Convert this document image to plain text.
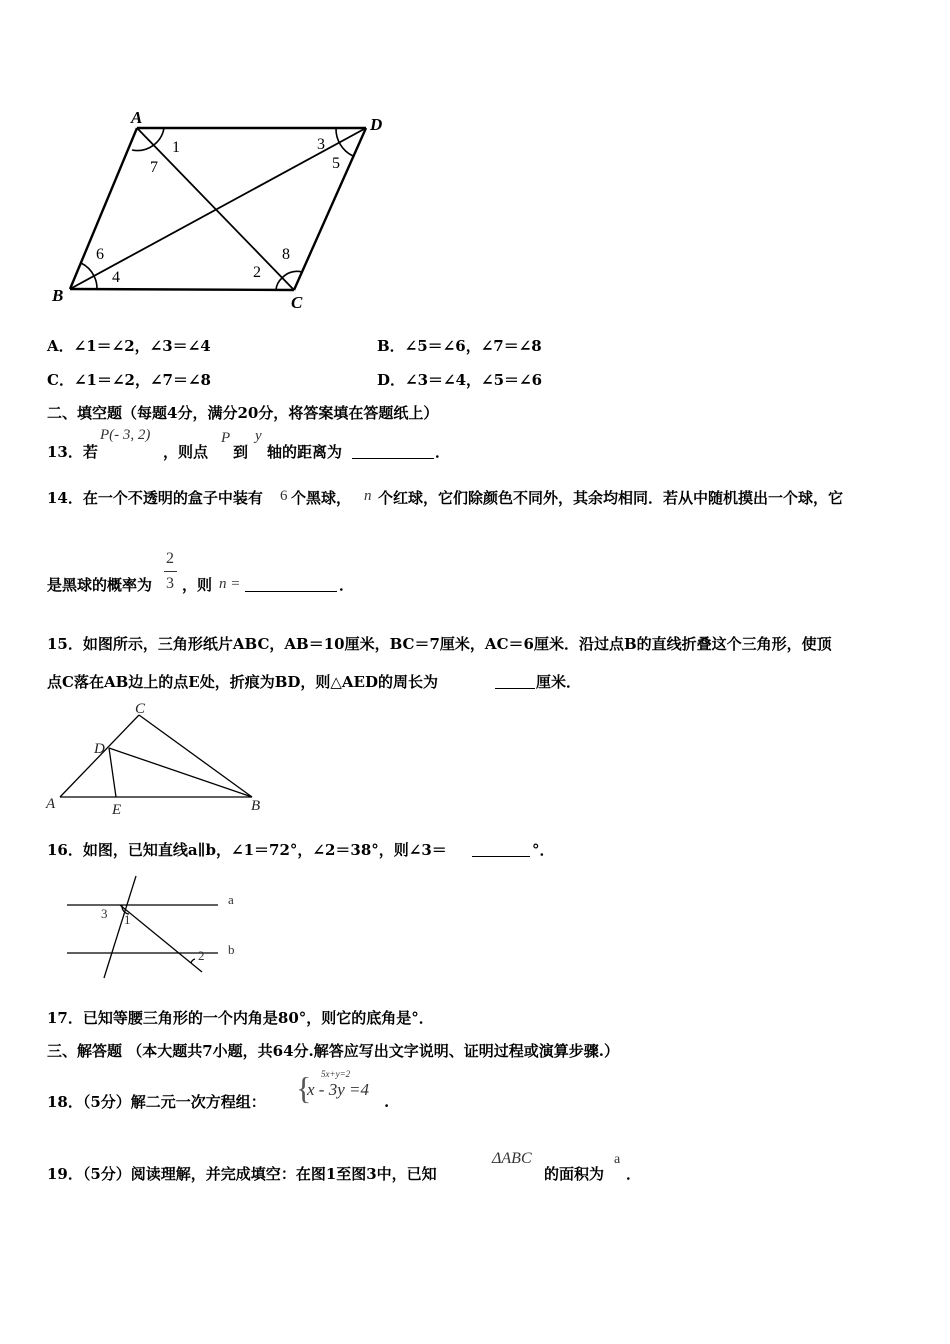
A	D
B	C
1
7
3
5
6
4
8
2
A．∠1＝∠2，∠3＝∠4	B．∠5＝∠6，∠7＝∠8
C．∠1＝∠2，∠7＝∠8	D．∠3＝∠4，∠5＝∠6
二、填空题（每题4分，满分20分，将答案填在答题纸上）
13．若
P(- 3, 2)
，则点
P
到
y
轴的距离为	．
14．在一个不透明的盒子中装有 6 个黑球， n 个红球，它们除颜色不同外，其余均相同．若从中随机摸出一个球，它
是黑球的概率为
2
3 ，则 n =	．
15．如图所示，三角形纸片ABC，AB＝10厘米，BC＝7厘米，AC＝6厘米．沿过点B的直线折叠这个三角形，使顶
点C落在AB边上的点E处，折痕为BD，则△AED的周长为	厘米．
C
D
A	E	B
16．如图，已知直线a∥b，∠1＝72°，∠2＝38°，则∠3＝	°．
a
b
3 1
2
17．已知等腰三角形的一个内角是80°，则它的底角是°．
三、解答题 （本大题共7小题，共64分.解答应写出文字说明、证明过程或演算步骤.）
18．（5分）解二元一次方程组： { 5x+y=2
x - 3y =4
.
19．（5分）阅读理解，并完成填空：在图1至图3中，已知
ΔABC
的面积为
a
．
